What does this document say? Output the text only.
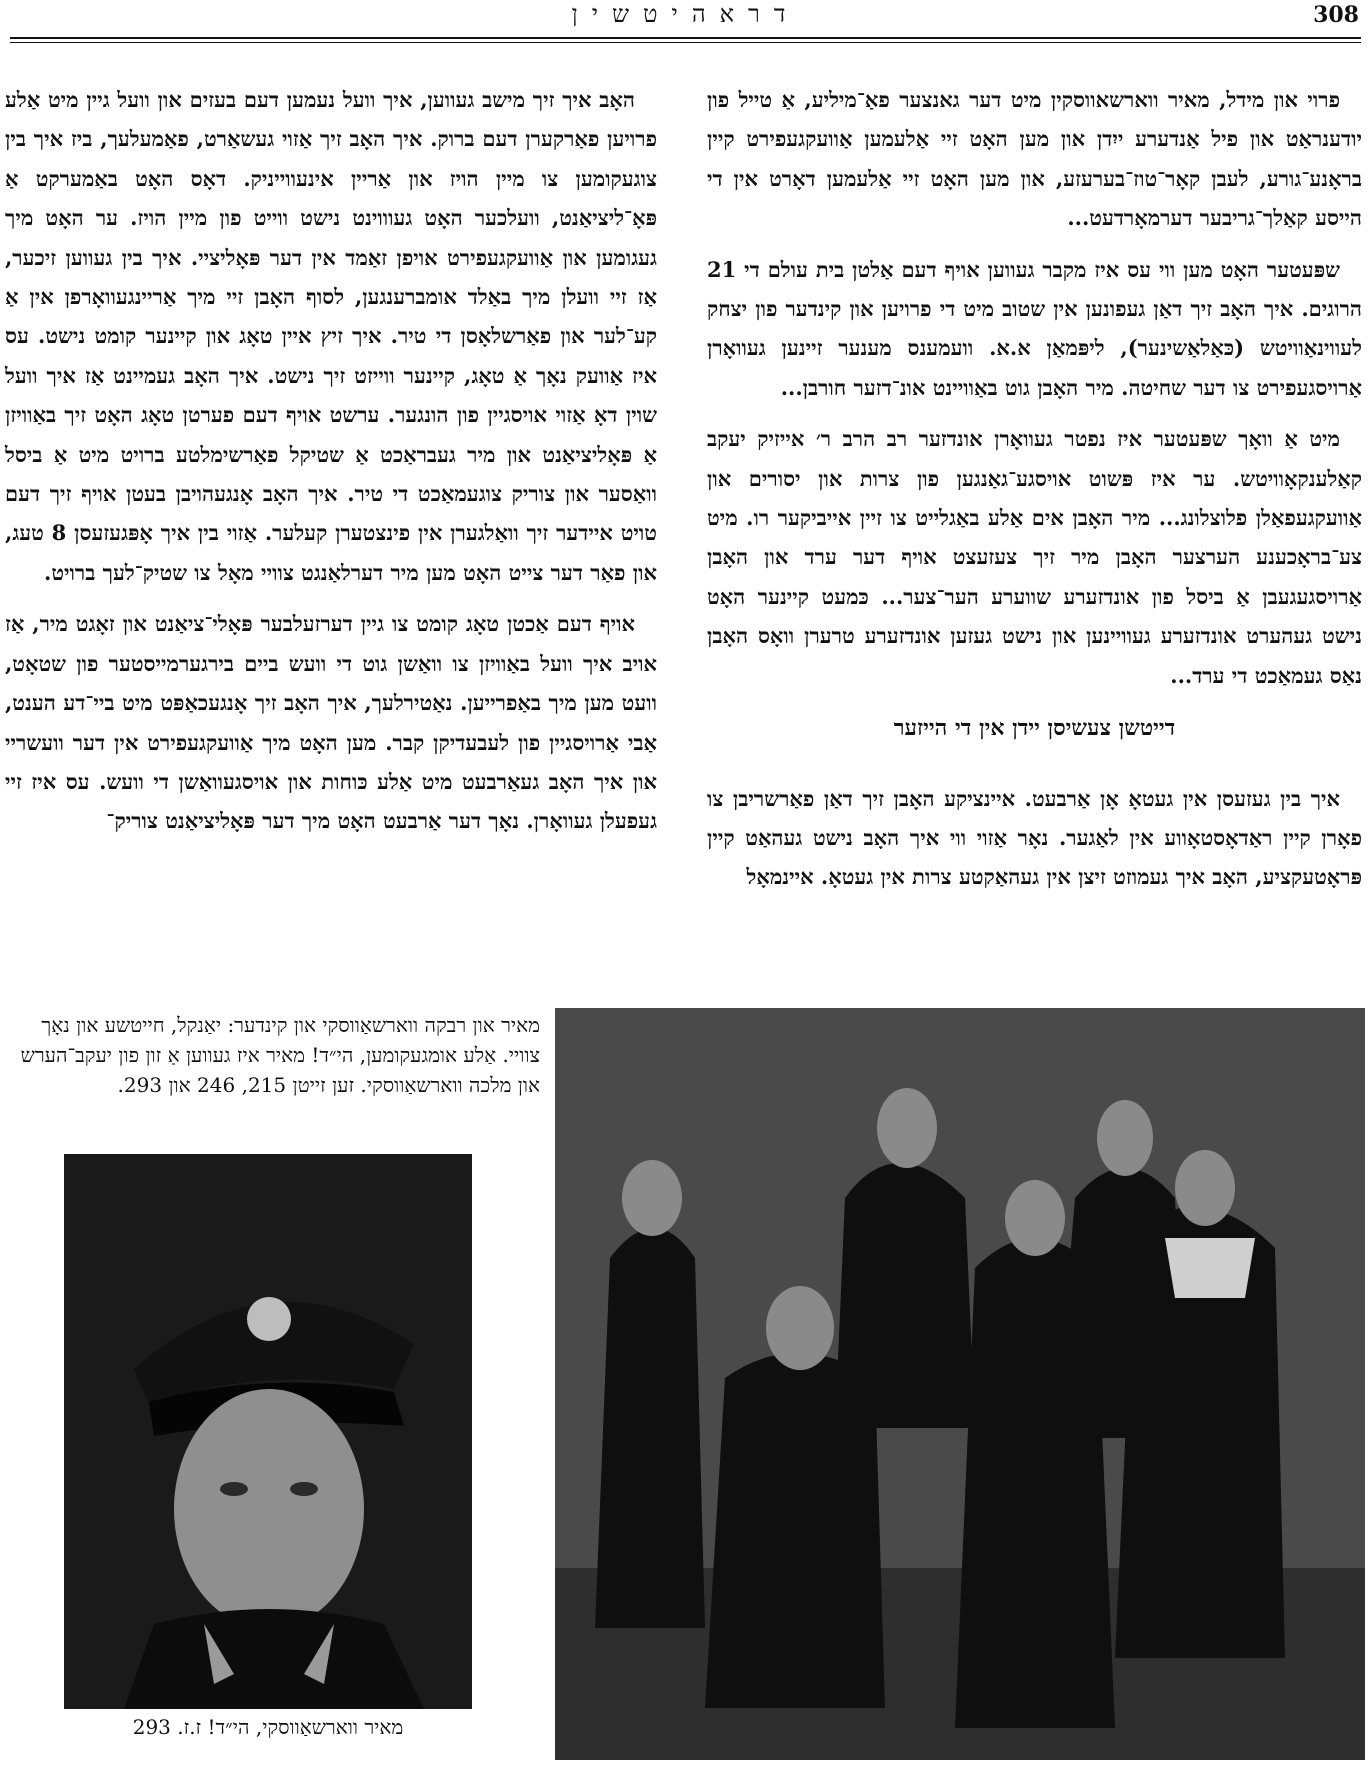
דראהיטשין	308

פרוי און מידל, מאיר ווארשאווסקין מיט דער גאנצער פאַ־מיליע, אַ טייל פון יודענראַט און פיל אַנדערע ייִדן און מען האָט זיי אַלעמען אַוועקגעפירט קיין בראָנע־גורע, לעבן קאָר־טוז־בערעזע, און מען האָט זיי אַלעמען דאָרט אין די הייסע קאַלך־גריבער דערמאָרדעט...

שפּעטער האָט מען ווי עס איז מקבר געווען אויף דעם אַלטן בית עולם די 21 הרוגים. איך האָב זיך דאַן געפונען אין שטוב מיט די פרויען און קינדער פון יצחק לעווינאַוויטש (כּאַלאַשינער), ליפּמאַן א.א. וועמענס מענער זיינען געוואָרן אַרויסגעפירט צו דער שחיטה. מיר האָבן גוט באַוויינט אונ־דזער חורבן...

מיט אַ וואָך שפּעטער איז נפטר געוואָרן אונדזער רב הרב ר׳ אייזיק יעקב קאַלענקאָוויטש. ער איז פּשוט אויסגע־גאַנגען פון צרות און יסורים און אַוועקגעפאַלן פלוצלונג... מיר האָבן אים אַלע באַגלייט צו זיין אייביקער רו. מיט צע־בראָכענע הערצער האָבן מיר זיך צעזעצט אויף דער ערד און האָבן אַרויסגעגעבן אַ ביסל פון אונדזערע שווערע הער־צער... כּמעט קיינער האָט נישט געהערט אונדזערע געוויינען און נישט געזען אונדזערע טרערן וואָס האָבן נאַס געמאַכט די ערד...

דייטשן צעשיסן יידן אין די הייזער

איך בין געזעסן אין געטאָ אָן אַרבעט. איינציקע האָבן זיך דאַן פאַרשריבן צו פאָרן קיין ראַדאָסטאָווע אין לאַגער. נאָר אַזוי ווי איך האָב נישט געהאַט קיין פּראָטעקציע, האָב איך געמוזט זיצן אין געהאַקטע צרות אין געטאָ. איינמאָל

האָב איך זיך מישב געווען, איך וועל נעמען דעם בעזים און וועל גיין מיט אַלע פרויען פאַרקערן דעם ברוק. איך האָב זיך אַזוי געשאַרט, פאַמעלעך, ביז איך בין צוגעקומען צו מיין הויז און אַריין אינעווייניק. דאָס האָט באַמערקט אַ פּאָ־ליציאַנט, וועלכער האָט געוווינט נישט ווייט פון מיין הויז. ער האָט מיך געגומען און אַוועקגעפירט אויפן זאַמד אין דער פּאָליציי. איך בין געווען זיכער, אַז זיי וועלן מיך באַלד אומברענגען, לסוף האָבן זיי מיך אַריינגעוואָרפן אין אַ קע־לער און פאַרשלאָסן די טיר. איך זיץ איין טאָג און קיינער קומט נישט. עס איז אַוועק נאָך אַ טאָג, קיינער ווייזט זיך נישט. איך האָב געמיינט אַז איך וועל שוין דאָ אַזוי אויסגיין פון הונגער. ערשט אויף דעם פערטן טאָג האָט זיך באַוויזן אַ פּאָליציאַנט און מיר געבראַכט אַ שטיקל פאַרשימלטע ברויט מיט אַ ביסל וואַסער און צוריק צוגעמאַכט די טיר. איך האָב אָנגעהויבן בעטן אויף זיך דעם טויט איידער זיך וואַלגערן אין פינצטערן קעלער. אַזוי בין איך אָפּגעזעסן 8 טעג, און פאַר דער צייט האָט מען מיר דערלאַנגט צוויי מאָל צו שטיק־לעך ברויט.

אויף דעם אַכטן טאָג קומט צו גיין דערזעלבער פּאָלי־ציאַנט און זאָגט מיר, אַז אויב איך וועל באַוויזן צו וואַשן גוט די וועש ביים בירגערמייסטער פון שטאָט, וועט מען מיך באַפרייען. נאַטירלעך, איך האָב זיך אָנגעכאַפּט מיט ביי־דע הענט, אַבי אַרויסגיין פון לעבעדיקן קבר. מען האָט מיך אַוועקגעפירט אין דער וועשריי און איך האָב געאַרבעט מיט אַלע כּוחות און אויסגעוואַשן די וועש. עס איז זיי געפעלן געוואָרן. נאָך דער אַרבעט האָט מיך דער פּאָליציאַנט צוריק־

מאיר און רבקה ווארשאַווסקי און קינדער: יאַנקל, חייטשע און נאָך צוויי. אַלע אומגעקומען, הי״ד! מאיר איז געווען אַ זון פון יעקב־הערש און מלכה ווארשאַווסקי. זען זייטן 215, 246 און 293.
מאיר ווארשאַווסקי, הי״ד! ז.ז. 293
